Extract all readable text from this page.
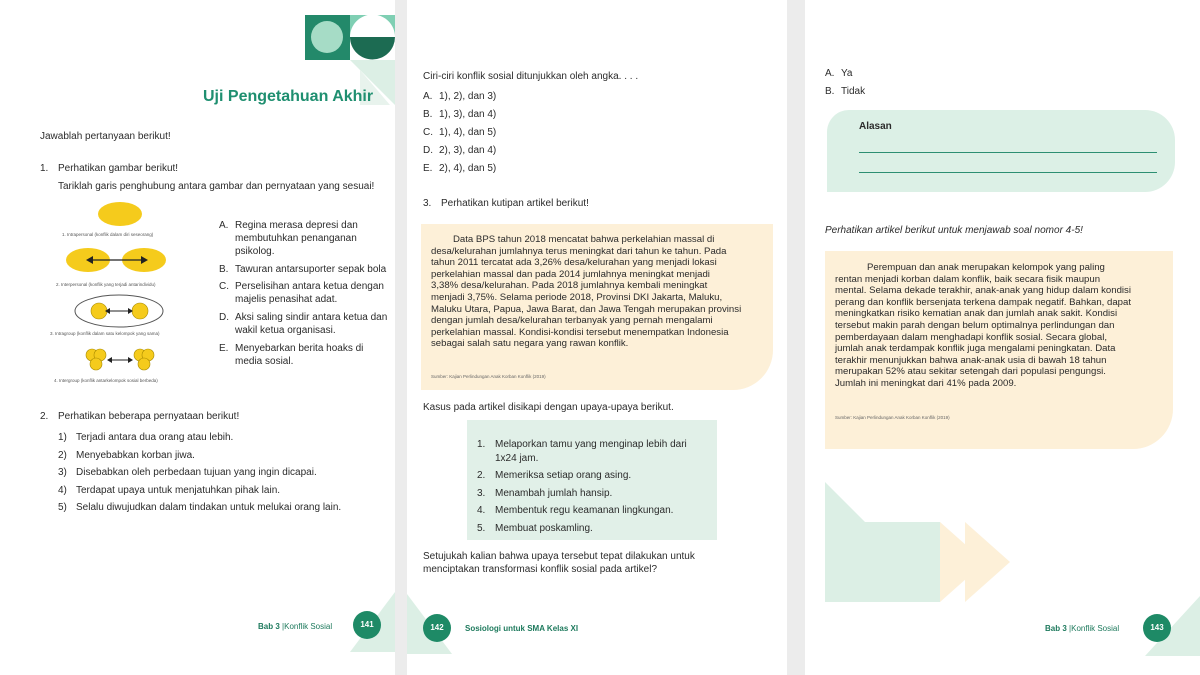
Uji Pengetahuan Akhir
Jawablah pertanyaan berikut!
1. Perhatikan gambar berikut!
Tariklah garis penghubung antara gambar dan pernyataan yang sesuai!
1. Intrapersonal (konflik dalam diri seseorang)
2. Interpersonal (konflik yang terjadi antarindividu)
3. Intragroup (konflik dalam satu kelompok yang sama)
4. Intergroup (konflik antarkelompok sosial berbeda)
A. Regina merasa depresi dan
membutuhkan penanganan
psikolog.
B. Tawuran antarsuporter sepak bola
C. Perselisihan antara ketua dengan
majelis penasihat adat.
D. Aksi saling sindir antara ketua dan
wakil ketua organisasi.
E. Menyebarkan berita hoaks di
media sosial.
2. Perhatikan beberapa pernyataan berikut!
1) Terjadi antara dua orang atau lebih.
2) Menyebabkan korban jiwa.
3) Disebabkan oleh perbedaan tujuan yang ingin dicapai.
4) Terdapat upaya untuk menjatuhkan pihak lain.
5) Selalu diwujudkan dalam tindakan untuk melukai orang lain.
Bab 3 |Konflik Sosial	141
Ciri-ciri konflik sosial ditunjukkan oleh angka. . . .
A. 1), 2), dan 3)
B. 1), 3), dan 4)
C. 1), 4), dan 5)
D. 2), 3), dan 4)
E. 2), 4), dan 5)
3. Perhatikan kutipan artikel berikut!
Data BPS tahun 2018 mencatat bahwa perkelahian massal di
desa/kelurahan jumlahnya terus meningkat dari tahun ke tahun. Pada
tahun 2011 tercatat ada 3,26% desa/kelurahan yang menjadi lokasi
perkelahian massal dan pada 2014 jumlahnya meningkat menjadi
3,38% desa/kelurahan. Pada 2018 jumlahnya kembali meningkat
menjadi 3,75%. Selama periode 2018, Provinsi DKI Jakarta, Maluku,
Maluku Utara, Papua, Jawa Barat, dan Jawa Tengah merupakan provinsi
dengan jumlah desa/kelurahan terbanyak yang pernah mengalami
perkelahian massal. Kondisi-kondisi tersebut menempatkan Indonesia
sebagai salah satu negara yang rawan konflik.
Sumber: Kajian Perlindungan Anak Korban Konflik (2019)
Kasus pada artikel disikapi dengan upaya-upaya berikut.
1. Melaporkan tamu yang menginap lebih dari
1x24 jam.
2. Memeriksa setiap orang asing.
3. Menambah jumlah hansip.
4. Membentuk regu keamanan lingkungan.
5. Membuat poskamling.
Setujukah kalian bahwa upaya tersebut tepat dilakukan untuk
menciptakan transformasi konflik sosial pada artikel?
142	Sosiologi untuk SMA Kelas XI
A. Ya
B. Tidak
Alasan
Perhatikan artikel berikut untuk menjawab soal nomor 4-5!
Perempuan dan anak merupakan kelompok yang paling
rentan menjadi korban dalam konflik, baik secara fisik maupun
mental. Selama dekade terakhir, anak-anak yang hidup dalam kondisi
perang dan konflik bersenjata terkena dampak negatif. Bahkan, dapat
meningkatkan risiko kematian anak dan jumlah anak sakit. Kondisi
tersebut makin parah dengan belum optimalnya perlindungan dan
pemberdayaan dalam menghadapi konflik sosial. Secara global,
jumlah anak terdampak konflik juga mengalami peningkatan. Data
terakhir menunjukkan bahwa anak-anak usia di bawah 18 tahun
merupakan 52% atau sekitar setengah dari populasi pengungsi.
Jumlah ini meningkat dari 41% pada 2009.
Sumber: Kajian Perlindungan Anak Korban Konflik (2019)
Bab 3 |Konflik Sosial	143
